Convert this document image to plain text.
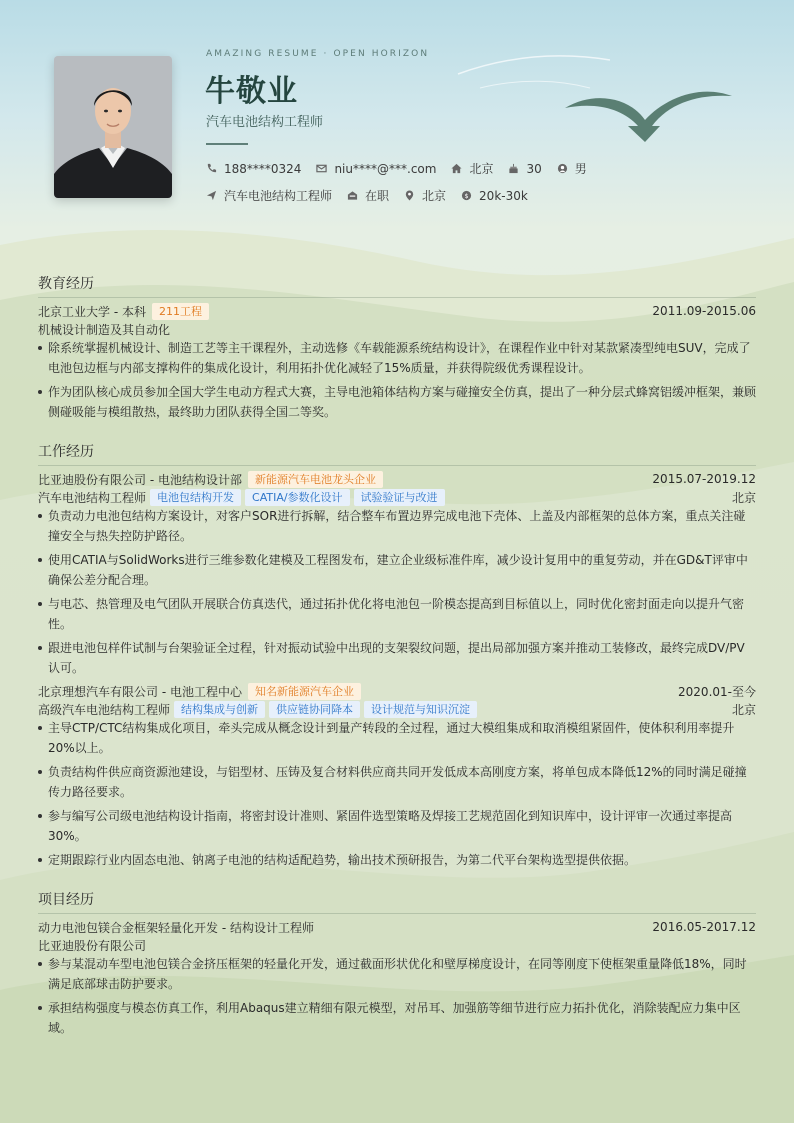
AMAZING RESUME · OPEN HORIZON
牛敬业
汽车电池结构工程师
188****0324	niu****@***.com	北京	30	男
汽车电池结构工程师	在职	北京	$ 20k-30k
教育经历
北京工业大学 - 本科	211工程	2011.09-2015.06
机械设计制造及其自动化
除系统掌握机械设计、制造工艺等主干课程外，主动选修《车载能源系统结构设计》，在课程作业中针对某款紧凑型纯电SUV，完成了电池包边框与内部支撑构件的集成化设计，利用拓扑优化减轻了15%质量，并获得院级优秀课程设计。
作为团队核心成员参加全国大学生电动方程式大赛，主导电池箱体结构方案与碰撞安全仿真，提出了一种分层式蜂窝铝缓冲框架，兼顾侧碰吸能与模组散热，最终助力团队获得全国二等奖。
工作经历
比亚迪股份有限公司 - 电池结构设计部	新能源汽车电池龙头企业	2015.07-2019.12
汽车电池结构工程师	电池包结构开发	CATIA/参数化设计	试验验证与改进	北京
负责动力电池包结构方案设计，对客户SOR进行拆解，结合整车布置边界完成电池下壳体、上盖及内部框架的总体方案，重点关注碰撞安全与热失控防护路径。
使用CATIA与SolidWorks进行三维参数化建模及工程图发布，建立企业级标准件库，减少设计复用中的重复劳动，并在GD&T评审中确保公差分配合理。
与电芯、热管理及电气团队开展联合仿真迭代，通过拓扑优化将电池包一阶模态提高到目标值以上，同时优化密封面走向以提升气密性。
跟进电池包样件试制与台架验证全过程，针对振动试验中出现的支架裂纹问题，提出局部加强方案并推动工装修改，最终完成DV/PV认可。
北京理想汽车有限公司 - 电池工程中心	知名新能源汽车企业	2020.01-至今
高级汽车电池结构工程师	结构集成与创新	供应链协同降本	设计规范与知识沉淀	北京
主导CTP/CTC结构集成化项目，牵头完成从概念设计到量产转段的全过程，通过大模组集成和取消模组紧固件，使体积利用率提升20%以上。
负责结构件供应商资源池建设，与铝型材、压铸及复合材料供应商共同开发低成本高刚度方案，将单包成本降低12%的同时满足碰撞传力路径要求。
参与编写公司级电池结构设计指南，将密封设计准则、紧固件选型策略及焊接工艺规范固化到知识库中，设计评审一次通过率提高30%。
定期跟踪行业内固态电池、钠离子电池的结构适配趋势，输出技术预研报告，为第二代平台架构选型提供依据。
项目经历
动力电池包镁合金框架轻量化开发 - 结构设计工程师	2016.05-2017.12
比亚迪股份有限公司
参与某混动车型电池包镁合金挤压框架的轻量化开发，通过截面形状优化和壁厚梯度设计，在同等刚度下使框架重量降低18%，同时满足底部球击防护要求。
承担结构强度与模态仿真工作，利用Abaqus建立精细有限元模型，对吊耳、加强筋等细节进行应力拓扑优化，消除装配应力集中区域。
